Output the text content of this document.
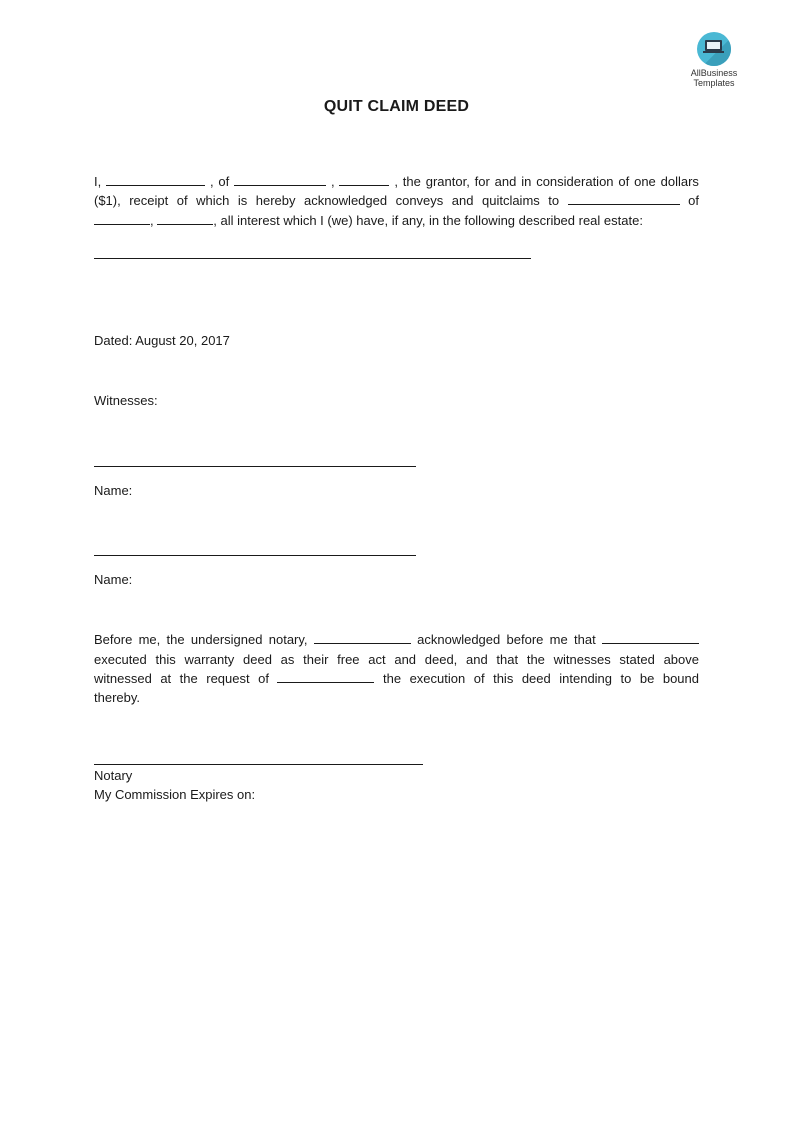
AllBusiness
Templates
QUIT CLAIM DEED
I,	, of	,	, the grantor, for and in consideration of one dollars
($1), receipt of which is hereby acknowledged conveys and quitclaims to	of
,	, all interest which I (we) have, if any, in the following described real estate:
Dated: August 20, 2017
Witnesses:
Name:
Name:
Before me, the undersigned notary,	acknowledged before me that
executed this warranty deed as their free act and deed, and that the witnesses stated above
witnessed at the request of	the execution of this deed intending to be bound
thereby.
Notary
My Commission Expires on:
